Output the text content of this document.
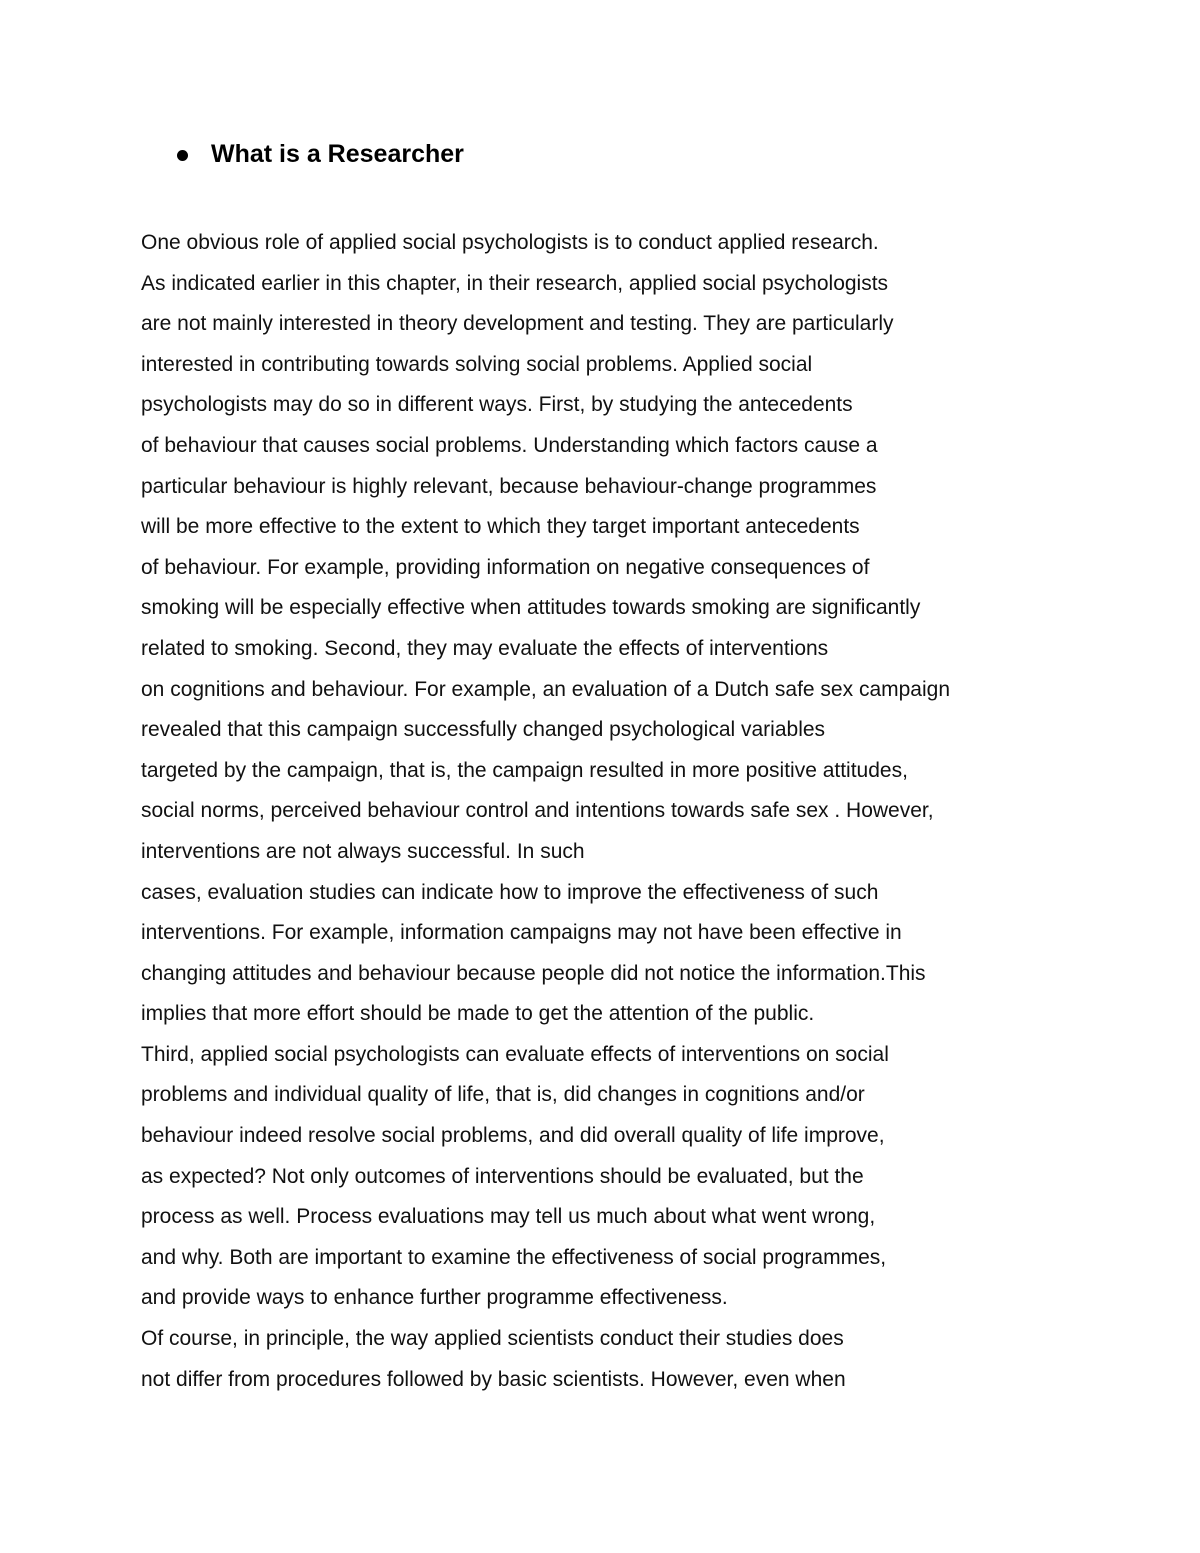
What is a Researcher
One obvious role of applied social psychologists is to conduct applied research.
As indicated earlier in this chapter, in their research, applied social psychologists
are not mainly interested in theory development and testing. They are particularly
interested in contributing towards solving social problems. Applied social
psychologists may do so in different ways. First, by studying the antecedents
of behaviour that causes social problems. Understanding which factors cause a
particular behaviour is highly relevant, because behaviour-change programmes
will be more effective to the extent to which they target important antecedents
of behaviour. For example, providing information on negative consequences of
smoking will be especially effective when attitudes towards smoking are significantly
related to smoking. Second, they may evaluate the effects of interventions
on cognitions and behaviour. For example, an evaluation of a Dutch safe sex campaign
revealed that this campaign successfully changed psychological variables
targeted by the campaign, that is, the campaign resulted in more positive attitudes,
social norms, perceived behaviour control and intentions towards safe sex . However,
interventions are not always successful. In such
cases, evaluation studies can indicate how to improve the effectiveness of such
interventions. For example, information campaigns may not have been effective in
changing attitudes and behaviour because people did not notice the information.This
implies that more effort should be made to get the attention of the public.
Third, applied social psychologists can evaluate effects of interventions on social
problems and individual quality of life, that is, did changes in cognitions and/or
behaviour indeed resolve social problems, and did overall quality of life improve,
as expected? Not only outcomes of interventions should be evaluated, but the
process as well. Process evaluations may tell us much about what went wrong,
and why. Both are important to examine the effectiveness of social programmes,
and provide ways to enhance further programme effectiveness.
Of course, in principle, the way applied scientists conduct their studies does
not differ from procedures followed by basic scientists. However, even when
